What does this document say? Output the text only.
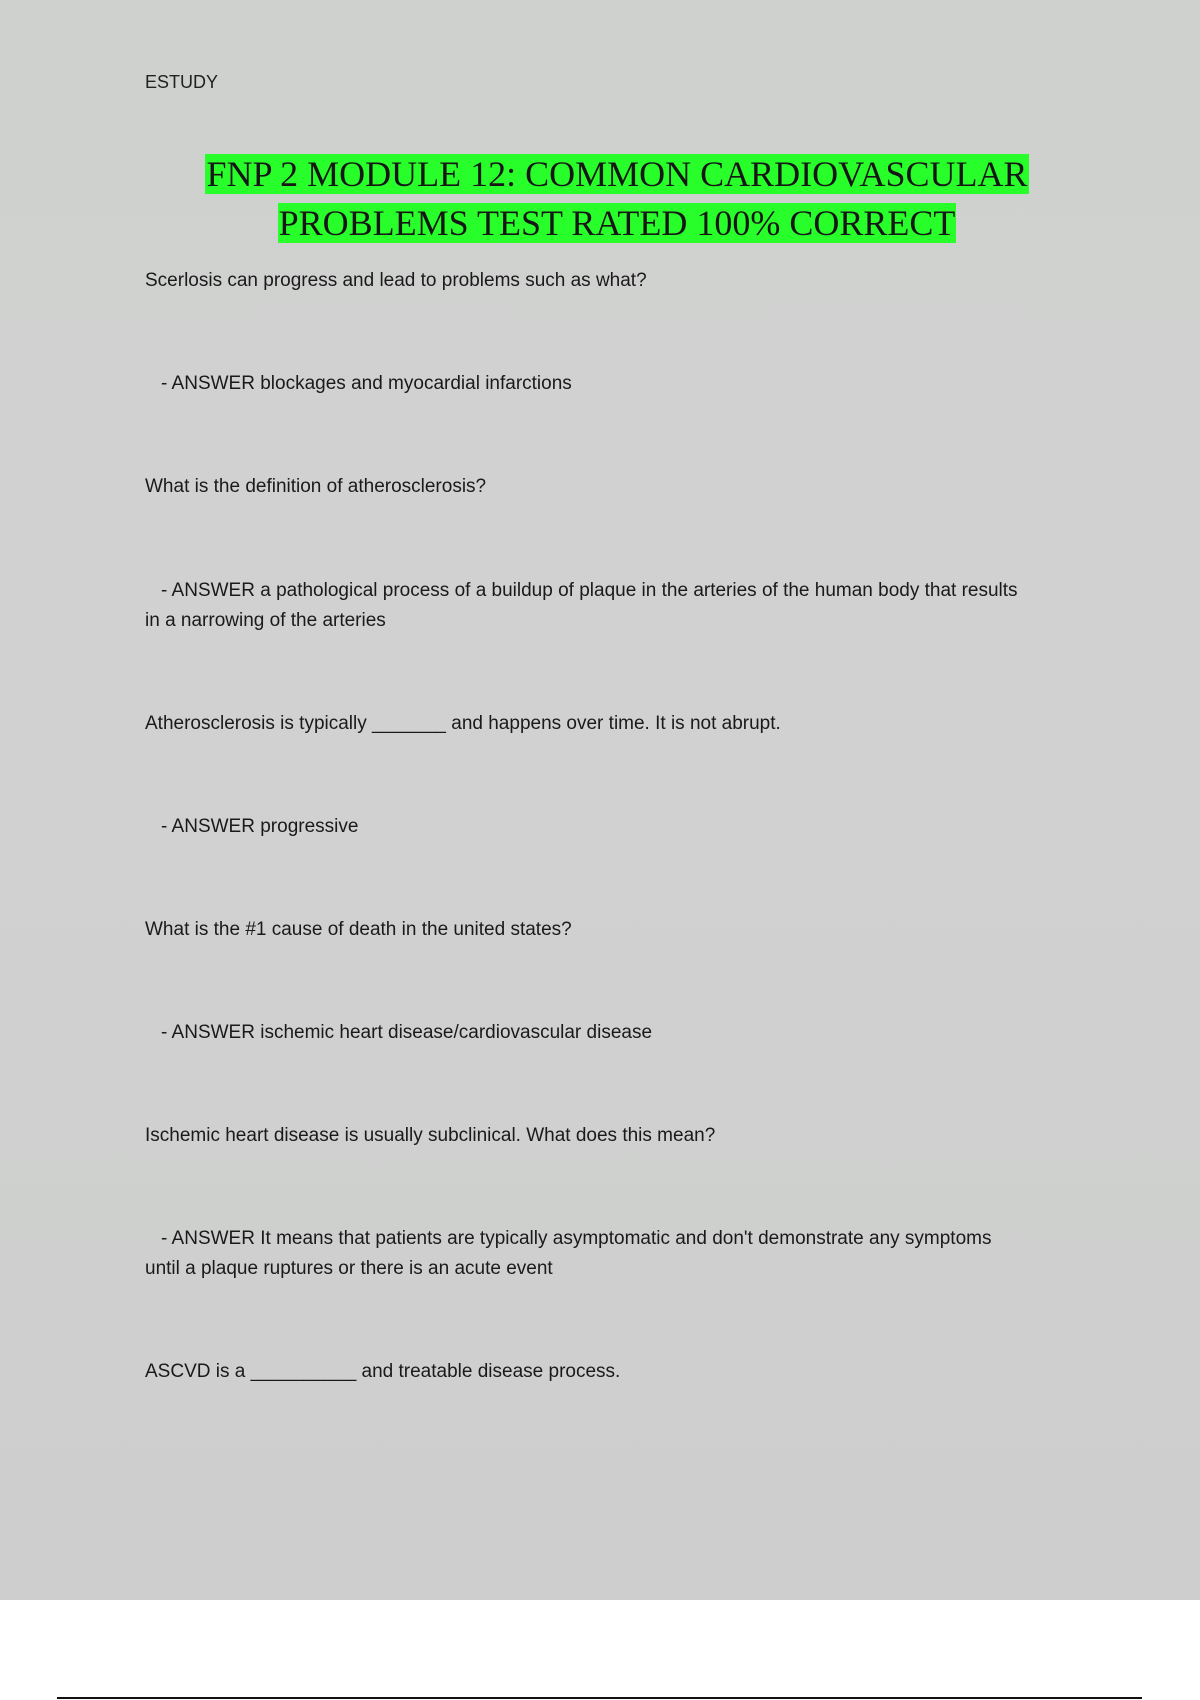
ESTUDY
FNP 2 MODULE 12: COMMON CARDIOVASCULAR
PROBLEMS TEST RATED 100% CORRECT
Scerlosis can progress and lead to problems such as what?
- ANSWER blockages and myocardial infarctions
What is the definition of atherosclerosis?
- ANSWER a pathological process of a buildup of plaque in the arteries of the human body that results
in a narrowing of the arteries
Atherosclerosis is typically _______ and happens over time. It is not abrupt.
- ANSWER progressive
What is the #1 cause of death in the united states?
- ANSWER ischemic heart disease/cardiovascular disease
Ischemic heart disease is usually subclinical. What does this mean?
- ANSWER It means that patients are typically asymptomatic and don't demonstrate any symptoms
until a plaque ruptures or there is an acute event
ASCVD is a __________ and treatable disease process.
